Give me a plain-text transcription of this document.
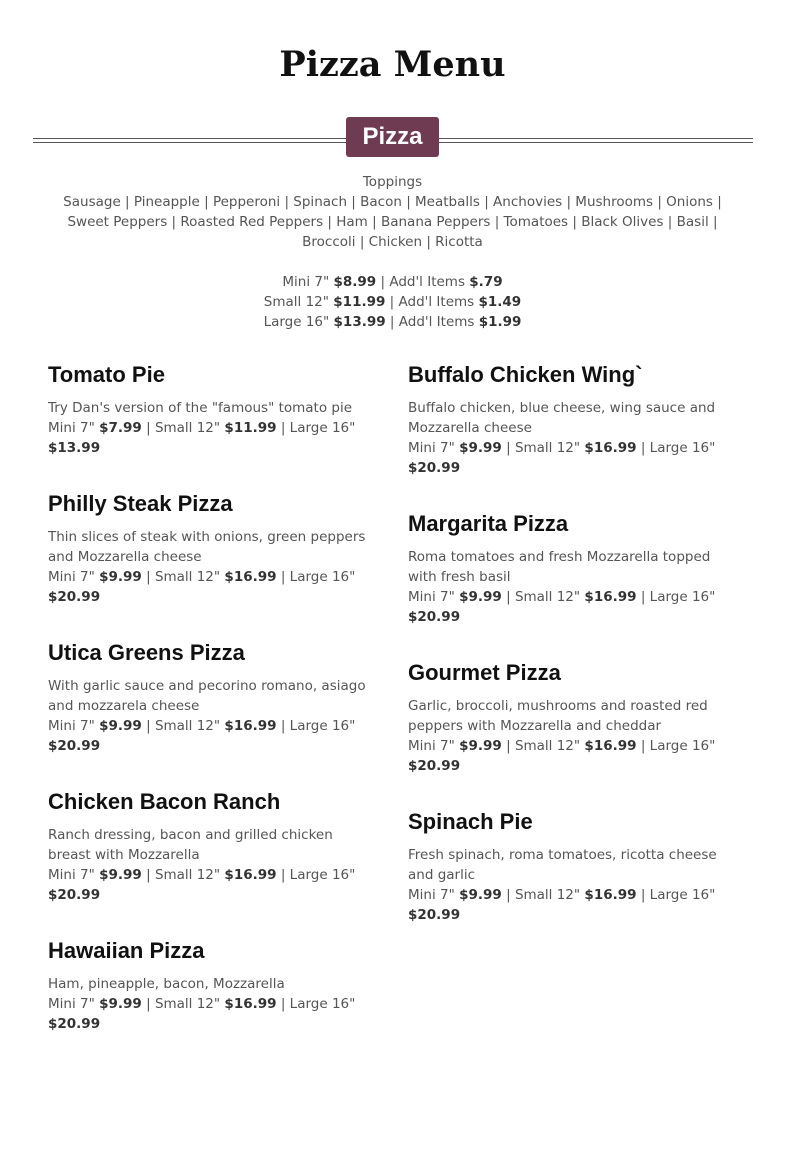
Pizza Menu
Pizza

Toppings

Sausage | Pineapple | Pepperoni | Spinach | Bacon | Meatballs | Anchovies | Mushrooms | Onions |

Sweet Peppers | Roasted Red Peppers | Ham | Banana Peppers | Tomatoes | Black Olives | Basil |

Broccoli | Chicken | Ricotta

Mini 7" $8.99 | Add'l Items $.79

Small 12" $11.99 | Add'l Items $1.49

Large 16" $13.99 | Add'l Items $1.99

Tomato Pie

Try Dan's version of the "famous" tomato pie

Mini 7" $7.99 | Small 12" $11.99 | Large 16" $13.99

Philly Steak Pizza

Thin slices of steak with onions, green peppers and Mozzarella cheese

Mini 7" $9.99 | Small 12" $16.99 | Large 16" $20.99

Utica Greens Pizza

With garlic sauce and pecorino romano, asiago and mozzarela cheese

Mini 7" $9.99 | Small 12" $16.99 | Large 16" $20.99

Chicken Bacon Ranch

Ranch dressing, bacon and grilled chicken breast with Mozzarella

Mini 7" $9.99 | Small 12" $16.99 | Large 16" $20.99

Hawaiian Pizza

Ham, pineapple, bacon, Mozzarella

Mini 7" $9.99 | Small 12" $16.99 | Large 16" $20.99

Buffalo Chicken Wing`

Buffalo chicken, blue cheese, wing sauce and Mozzarella cheese

Mini 7" $9.99 | Small 12" $16.99 | Large 16" $20.99

Margarita Pizza

Roma tomatoes and fresh Mozzarella topped with fresh basil

Mini 7" $9.99 | Small 12" $16.99 | Large 16" $20.99

Gourmet Pizza

Garlic, broccoli, mushrooms and roasted red peppers with Mozzarella and cheddar

Mini 7" $9.99 | Small 12" $16.99 | Large 16" $20.99

Spinach Pie

Fresh spinach, roma tomatoes, ricotta cheese and garlic

Mini 7" $9.99 | Small 12" $16.99 | Large 16" $20.99
